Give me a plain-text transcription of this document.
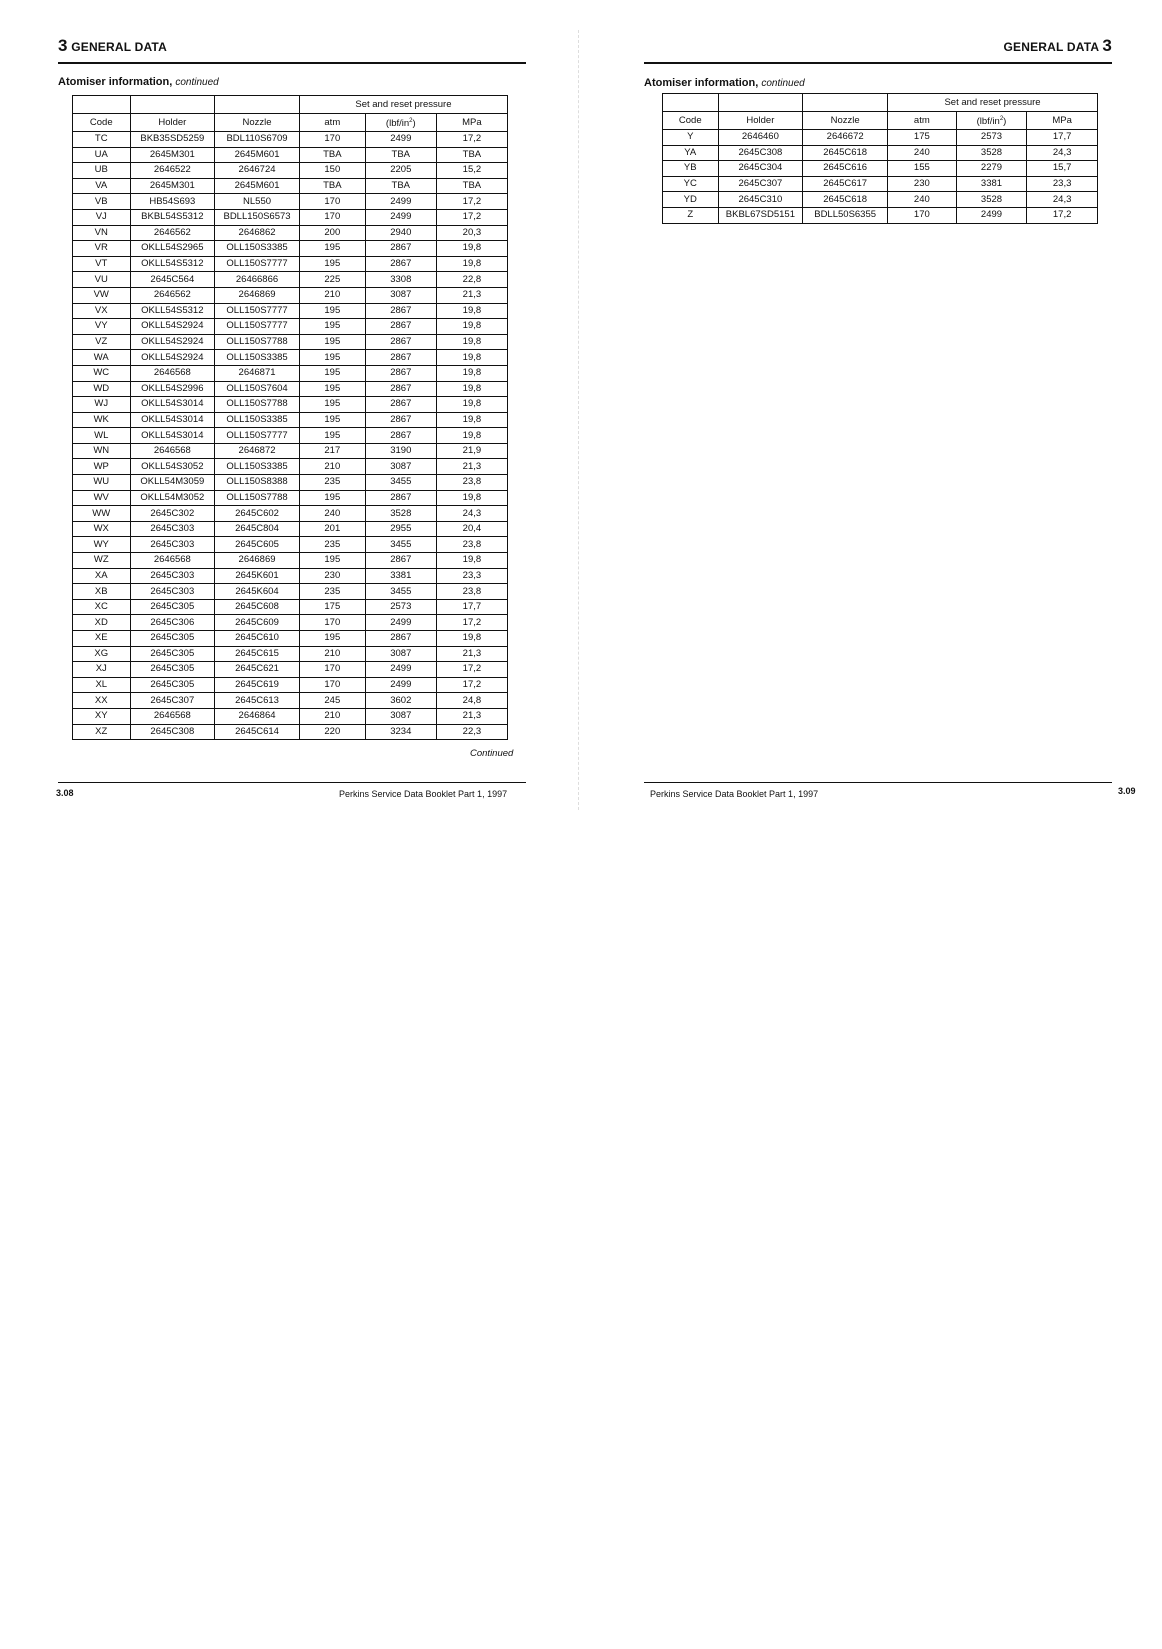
3 GENERAL DATA
Atomiser information, continued
			Set and reset pressure		
Code	Holder	Nozzle	atm	$(lbf/in^2)$	MPa
TC	BKB35SD5259	BDL110S6709	170	2499	17,2
UA	2645M301	2645M601	TBA	TBA	TBA
UB	2646522	2646724	150	2205	15,2
VA	2645M301	2645M601	TBA	TBA	TBA
VB	HB54S693	NL550	170	2499	17,2
VJ	BKBL54S5312	BDLL150S6573	170	2499	17,2
VN	2646562	2646862	200	2940	20,3
VR	OKLL54S2965	OLL150S3385	195	2867	19,8
VT	OKLL54S5312	OLL150S7777	195	2867	19,8
VU	2645C564	26466866	225	3308	22,8
VW	2646562	2646869	210	3087	21,3
VX	OKLL54S5312	OLL150S7777	195	2867	19,8
VY	OKLL54S2924	OLL150S7777	195	2867	19,8
VZ	OKLL54S2924	OLL150S7788	195	2867	19,8
WA	OKLL54S2924	OLL150S3385	195	2867	19,8
WC	2646568	2646871	195	2867	19,8
WD	OKLL54S2996	OLL150S7604	195	2867	19,8
WJ	OKLL54S3014	OLL150S7788	195	2867	19,8
WK	OKLL54S3014	OLL150S3385	195	2867	19,8
WL	OKLL54S3014	OLL150S7777	195	2867	19,8
WN	2646568	2646872	217	3190	21,9
WP	OKLL54S3052	OLL150S3385	210	3087	21,3
WU	OKLL54M3059	OLL150S8388	235	3455	23,8
WV	OKLL54M3052	OLL150S7788	195	2867	19,8
WW	2645C302	2645C602	240	3528	24,3
WX	2645C303	2645C804	201	2955	20,4
WY	2645C303	2645C605	235	3455	23,8
WZ	2646568	2646869	195	2867	19,8
XA	2645C303	2645K601	230	3381	23,3
XB	2645C303	2645K604	235	3455	23,8
XC	2645C305	2645C608	175	2573	17,7
XD	2645C306	2645C609	170	2499	17,2
XE	2645C305	2645C610	195	2867	19,8
XG	2645C305	2645C615	210	3087	21,3
XJ	2645C305	2645C621	170	2499	17,2
XL	2645C305	2645C619	170	2499	17,2
XX	2645C307	2645C613	245	3602	24,8
XY	2646568	2646864	210	3087	21,3
XZ	2645C308	2645C614	220	3234	22,3
Continued
3.08	Perkins Service Data Booklet Part 1, 1997
GENERAL DATA 3
Atomiser information, continued
			Set and reset pressure		
Code	Holder	Nozzle	atm	$(lbf/in^2)$	MPa
Y	2646460	2646672	175	2573	17,7
YA	2645C308	2645C618	240	3528	24,3
YB	2645C304	2645C616	155	2279	15,7
YC	2645C307	2645C617	230	3381	23,3
YD	2645C310	2645C618	240	3528	24,3
Z	BKBL67SD5151	BDLL50S6355	170	2499	17,2
Perkins Service Data Booklet Part 1, 1997	3.09
